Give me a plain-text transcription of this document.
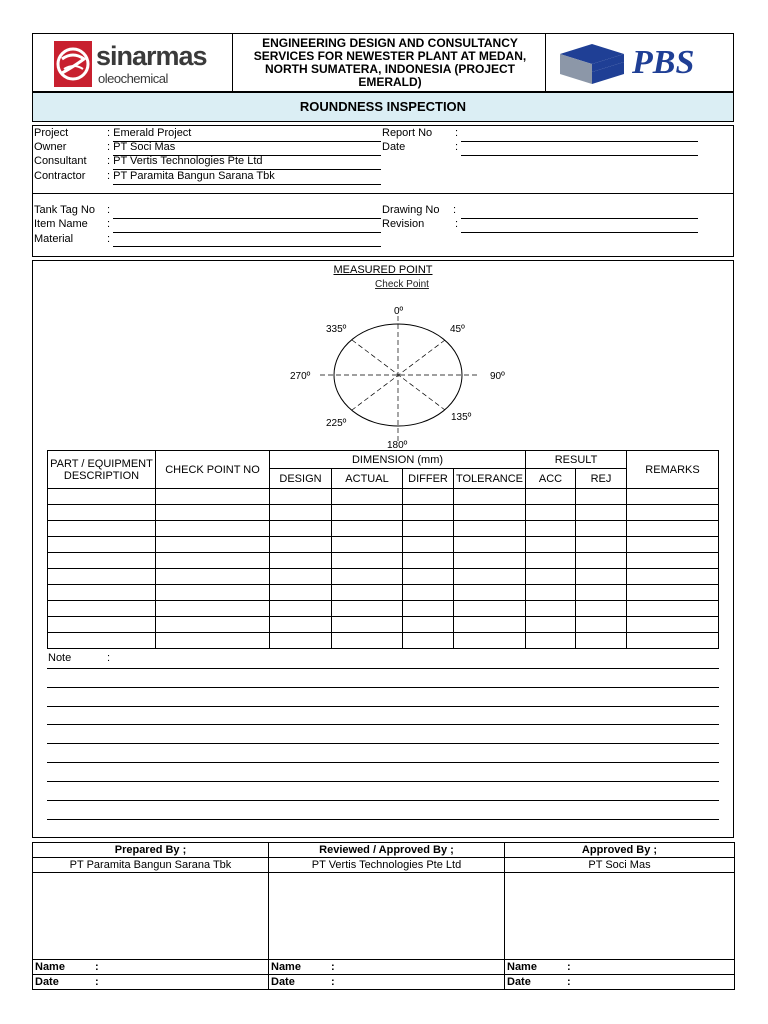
sinarmas
oleochemical
ENGINEERING DESIGN AND CONSULTANCY SERVICES FOR NEWESTER PLANT AT MEDAN, NORTH SUMATERA, INDONESIA (PROJECT EMERALD)
PBS
ROUNDNESS INSPECTION
Project	: Emerald Project
Owner	: PT Soci Mas
Consultant : PT Vertis Technologies Pte Ltd
Contractor : PT Paramita Bangun Sarana Tbk
Report No :
Date	:
Tank Tag No :
Item Name :
Material	:
Drawing No :
Revision	:
MEASURED POINT
Check Point
0º
45º
90º
135º
180º
225º
270º
335º
PART / EQUIPMENT DESCRIPTION	CHECK POINT NO	DIMENSION (mm)				RESULT		REMARKS
		DESIGN	ACTUAL	DIFFER	TOLERANCE	ACC	REJ	

Note	:
Prepared By ;	Reviewed / Approved By ;	Approved By ;
PT Paramita Bangun Sarana Tbk	PT Vertis Technologies Pte Ltd	PT Soci Mas

Name :	Name :	Name :
Date :	Date :	Date :
